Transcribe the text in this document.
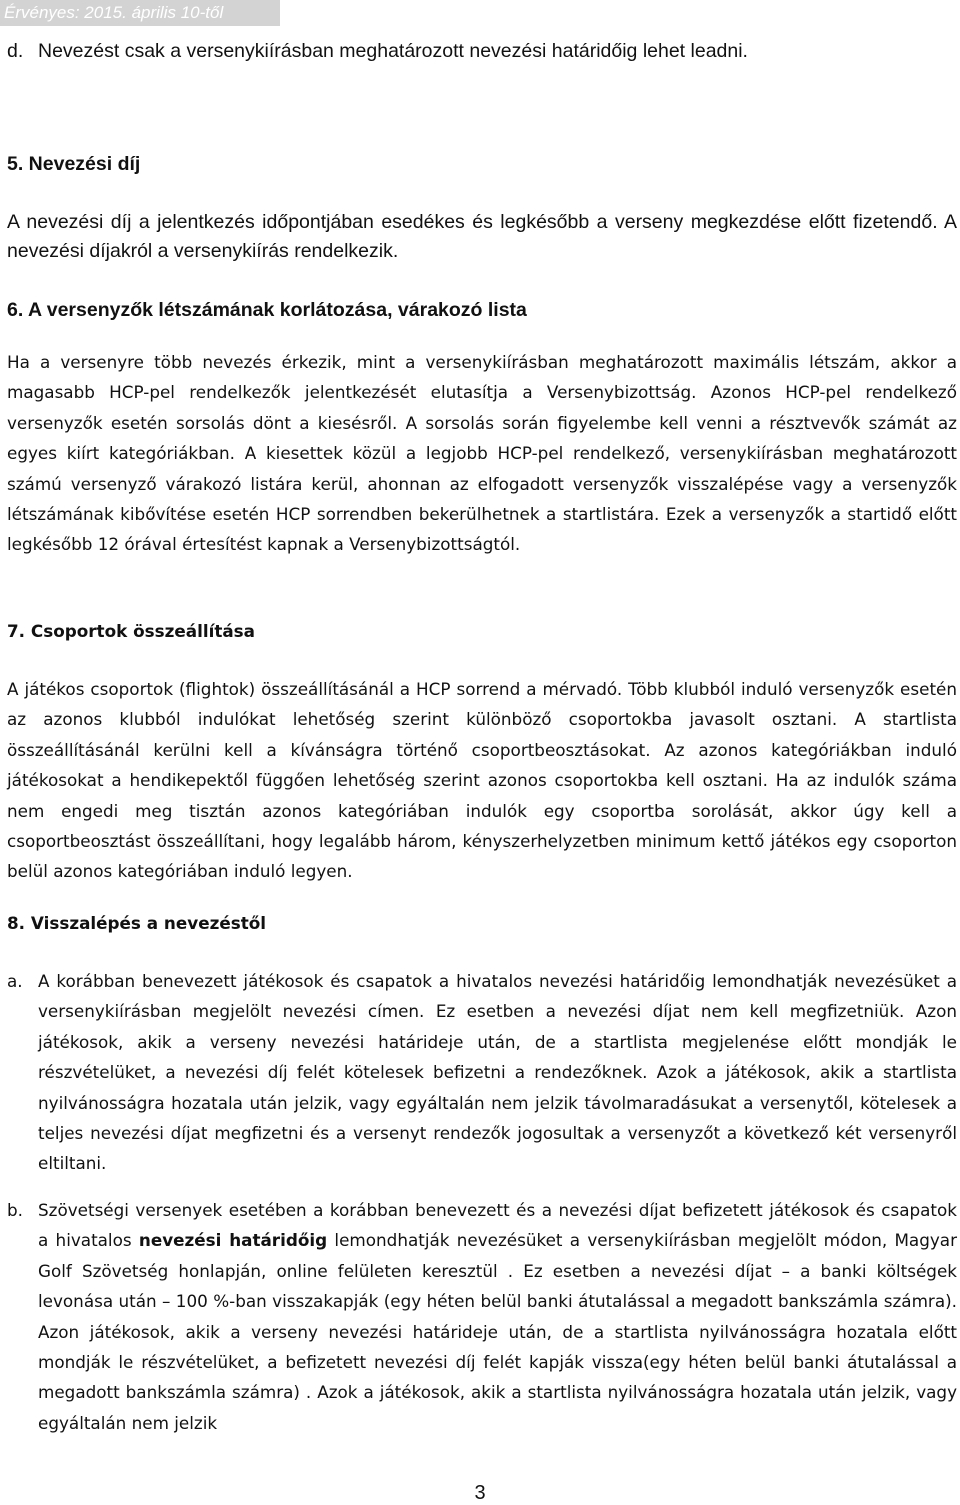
Érvényes: 2015. április 10-től
d. Nevezést csak a versenykiírásban meghatározott nevezési határidőig lehet leadni.
5. Nevezési díj

A nevezési díj a jelentkezés időpontjában esedékes és legkésőbb a verseny megkezdése előtt fizetendő. A nevezési díjakról a versenykiírás rendelkezik.

6. A versenyzők létszámának korlátozása, várakozó lista

Ha a versenyre több nevezés érkezik, mint a versenykiírásban meghatározott maximális létszám, akkor a magasabb HCP-pel rendelkezők jelentkezését elutasítja a Versenybizottság. Azonos HCP-pel rendelkező versenyzők esetén sorsolás dönt a kiesésről. A sorsolás során figyelembe kell venni a résztvevők számát az egyes kiírt kategóriákban. A kiesettek közül a legjobb HCP-pel rendelkező, versenykiírásban meghatározott számú versenyző várakozó listára kerül, ahonnan az elfogadott versenyzők visszalépése vagy a versenyzők létszámának kibővítése esetén HCP sorrendben bekerülhetnek a startlistára. Ezek a versenyzők a startidő előtt legkésőbb 12 órával értesítést kapnak a Versenybizottságtól.

7. Csoportok összeállítása

A játékos csoportok (flightok) összeállításánál a HCP sorrend a mérvadó. Több klubból induló versenyzők esetén az azonos klubból indulókat lehetőség szerint különböző csoportokba javasolt osztani. A startlista összeállításánál kerülni kell a kívánságra történő csoportbeosztásokat. Az azonos kategóriákban induló játékosokat a hendikepektől függően lehetőség szerint azonos csoportokba kell osztani. Ha az indulók száma nem engedi meg tisztán azonos kategóriában indulók egy csoportba sorolását, akkor úgy kell a csoportbeosztást összeállítani, hogy legalább három, kényszerhelyzetben minimum kettő játékos egy csoporton belül azonos kategóriában induló legyen.

8. Visszalépés a nevezéstől
a. A korábban benevezett játékosok és csapatok a hivatalos nevezési határidőig lemondhatják nevezésüket a versenykiírásban megjelölt nevezési címen. Ez esetben a nevezési díjat nem kell megfizetniük. Azon játékosok, akik a verseny nevezési határideje után, de a startlista megjelenése előtt mondják le részvételüket, a nevezési díj felét kötelesek befizetni a rendezőknek. Azok a játékosok, akik a startlista nyilvánosságra hozatala után jelzik, vagy egyáltalán nem jelzik távolmaradásukat a versenytől, kötelesek a teljes nevezési díjat megfizetni és a versenyt rendezők jogosultak a versenyzőt a következő két versenyről eltiltani.
b. Szövetségi versenyek esetében a korábban benevezett és a nevezési díjat befizetett játékosok és csapatok a hivatalos nevezési határidőig lemondhatják nevezésüket a versenykiírásban megjelölt módon, Magyar Golf Szövetség honlapján, online felületen keresztül . Ez esetben a nevezési díjat – a banki költségek levonása után – 100 %-ban visszakapják (egy héten belül banki átutalással a megadott bankszámla számra). Azon játékosok, akik a verseny nevezési határideje után, de a startlista nyilvánosságra hozatala előtt mondják le részvételüket, a befizetett nevezési díj felét kapják vissza(egy héten belül banki átutalással a megadott bankszámla számra) . Azok a játékosok, akik a startlista nyilvánosságra hozatala után jelzik, vagy egyáltalán nem jelzik
3
